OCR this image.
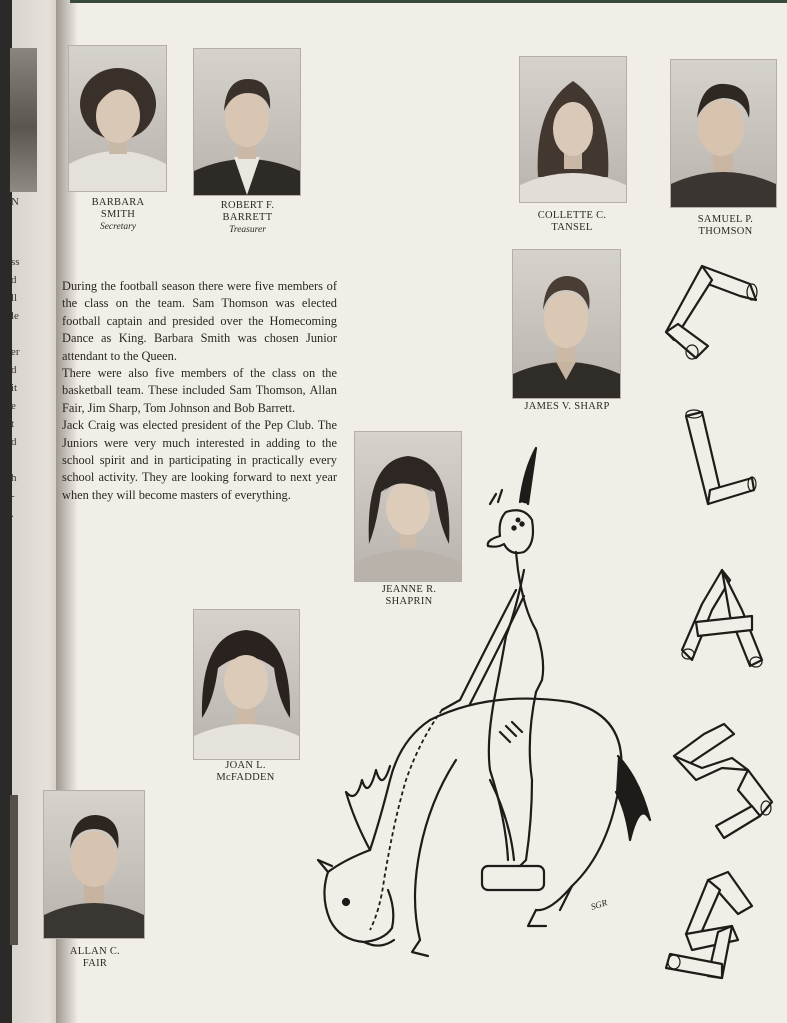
N
ss
d
ll
le
er
d
it
e
t
d
h
-
.
BARBARA
SMITH
Secretary
ROBERT F.
BARRETT
Treasurer
COLLETTE C.
TANSEL
SAMUEL P.
THOMSON
JAMES V. SHARP
JEANNE R.
SHAPRIN
JOAN L.
McFADDEN
ALLAN C.
FAIR

During the football season there were five members of the class on the team. Sam Thomson was elected football captain and presided over the Homecoming Dance as King. Barbara Smith was chosen Junior attendant to the Queen.

There were also five members of the class on the basketball team. These included Sam Thomson, Allan Fair, Jim Sharp, Tom Johnson and Bob Barrett.

Jack Craig was elected president of the Pep Club. The Juniors were very much interested in adding to the school spirit and in participating in practically every school activity. They are looking forward to next year when they will become masters of everything.

SGR
